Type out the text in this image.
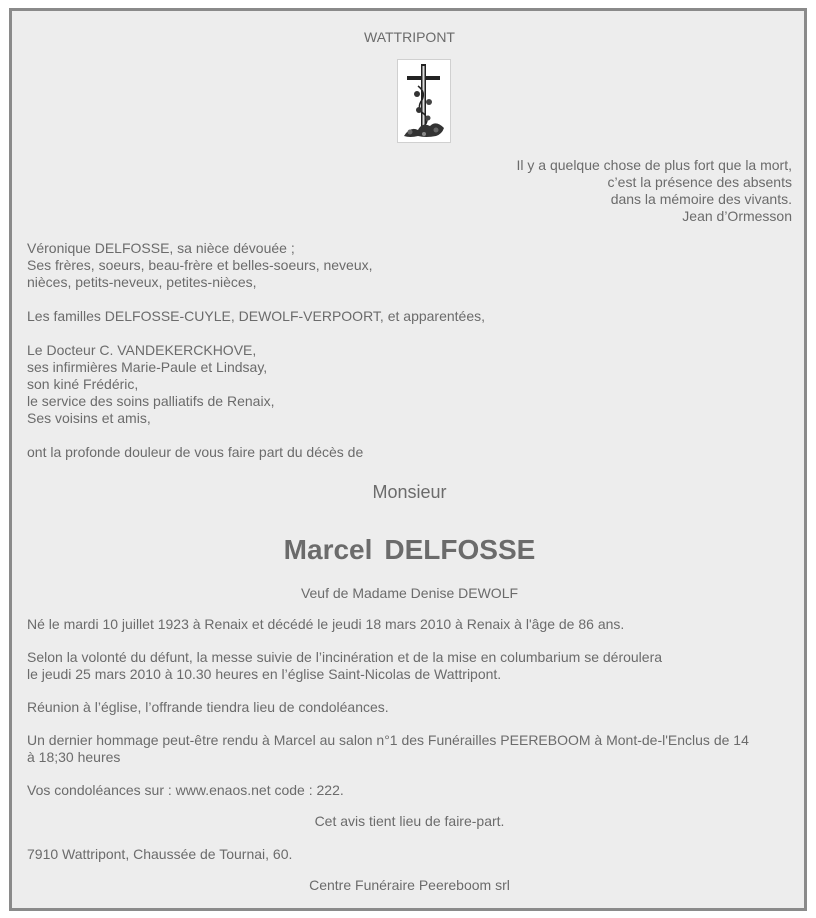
WATTRIPONT
Il y a quelque chose de plus fort que la mort,
c’est la présence des absents
dans la mémoire des vivants.
Jean d’Ormesson
Véronique DELFOSSE, sa nièce dévouée ;
Ses frères, soeurs, beau-frère et belles-soeurs, neveux,
nièces, petits-neveux, petites-nièces,
Les familles DELFOSSE-CUYLE, DEWOLF-VERPOORT, et apparentées,
Le Docteur C. VANDEKERCKHOVE,
ses infirmières Marie-Paule et Lindsay,
son kiné Frédéric,
le service des soins palliatifs de Renaix,
Ses voisins et amis,
ont la profonde douleur de vous faire part du décès de
Monsieur
Marcel DELFOSSE
Veuf de Madame Denise DEWOLF
Né le mardi 10 juillet 1923 à Renaix et décédé le jeudi 18 mars 2010 à Renaix à l'âge de 86 ans.
Selon la volonté du défunt, la messe suivie de l’incinération et de la mise en columbarium se déroulera
le jeudi 25 mars 2010 à 10.30 heures en l’église Saint-Nicolas de Wattripont.
Réunion à l’église, l’offrande tiendra lieu de condoléances.
Un dernier hommage peut-être rendu à Marcel au salon n°1 des Funérailles PEEREBOOM à Mont-de-l'Enclus de 14
à 18;30 heures
Vos condoléances sur : www.enaos.net code : 222.
Cet avis tient lieu de faire-part.
7910 Wattripont, Chaussée de Tournai, 60.
Centre Funéraire Peereboom srl
